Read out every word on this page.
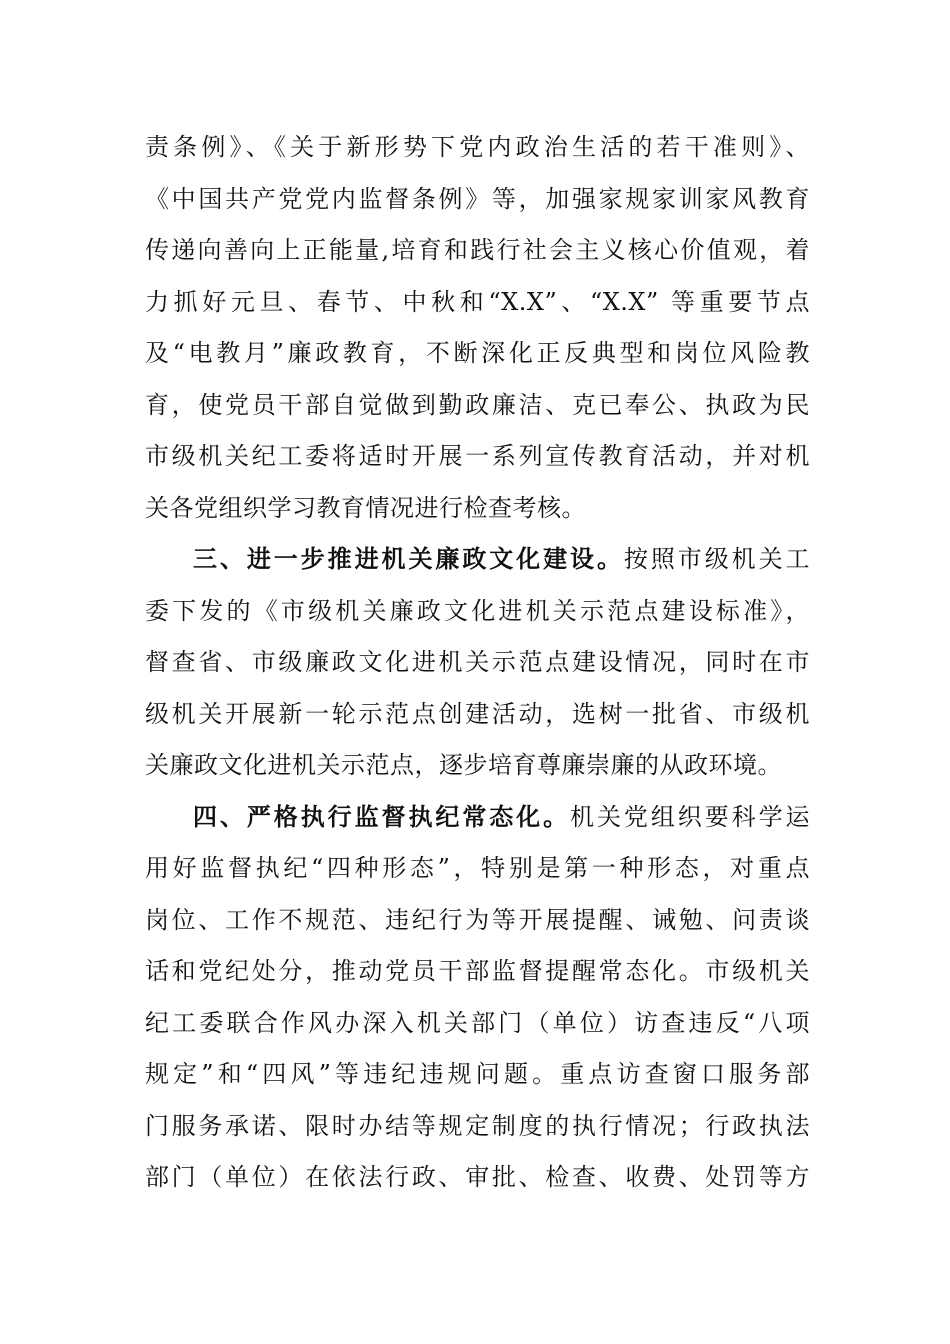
责条例》、《关于新形势下党内政治生活的若干准则》、
《中国共产党党内监督条例》等，加强家规家训家风教育
传递向善向上正能量,培育和践行社会主义核心价值观，着
力抓好元旦、春节、中秋和“X.X”、“X.X” 等重要节点
及“电教月”廉政教育，不断深化正反典型和岗位风险教
育，使党员干部自觉做到勤政廉洁、克已奉公、执政为民
市级机关纪工委将适时开展一系列宣传教育活动，并对机
关各党组织学习教育情况进行检查考核。
三、进一步推进机关廉政文化建设。按照市级机关工
委下发的《市级机关廉政文化进机关示范点建设标准》，
督查省、市级廉政文化进机关示范点建设情况，同时在市
级机关开展新一轮示范点创建活动，选树一批省、市级机
关廉政文化进机关示范点，逐步培育尊廉崇廉的从政环境。
四、严格执行监督执纪常态化。机关党组织要科学运
用好监督执纪“四种形态”，特别是第一种形态，对重点
岗位、工作不规范、违纪行为等开展提醒、诫勉、问责谈
话和党纪处分，推动党员干部监督提醒常态化。市级机关
纪工委联合作风办深入机关部门（单位）访查违反“八项
规定”和“四风”等违纪违规问题。重点访查窗口服务部
门服务承诺、限时办结等规定制度的执行情况；行政执法
部门（单位）在依法行政、审批、检查、收费、处罚等方
